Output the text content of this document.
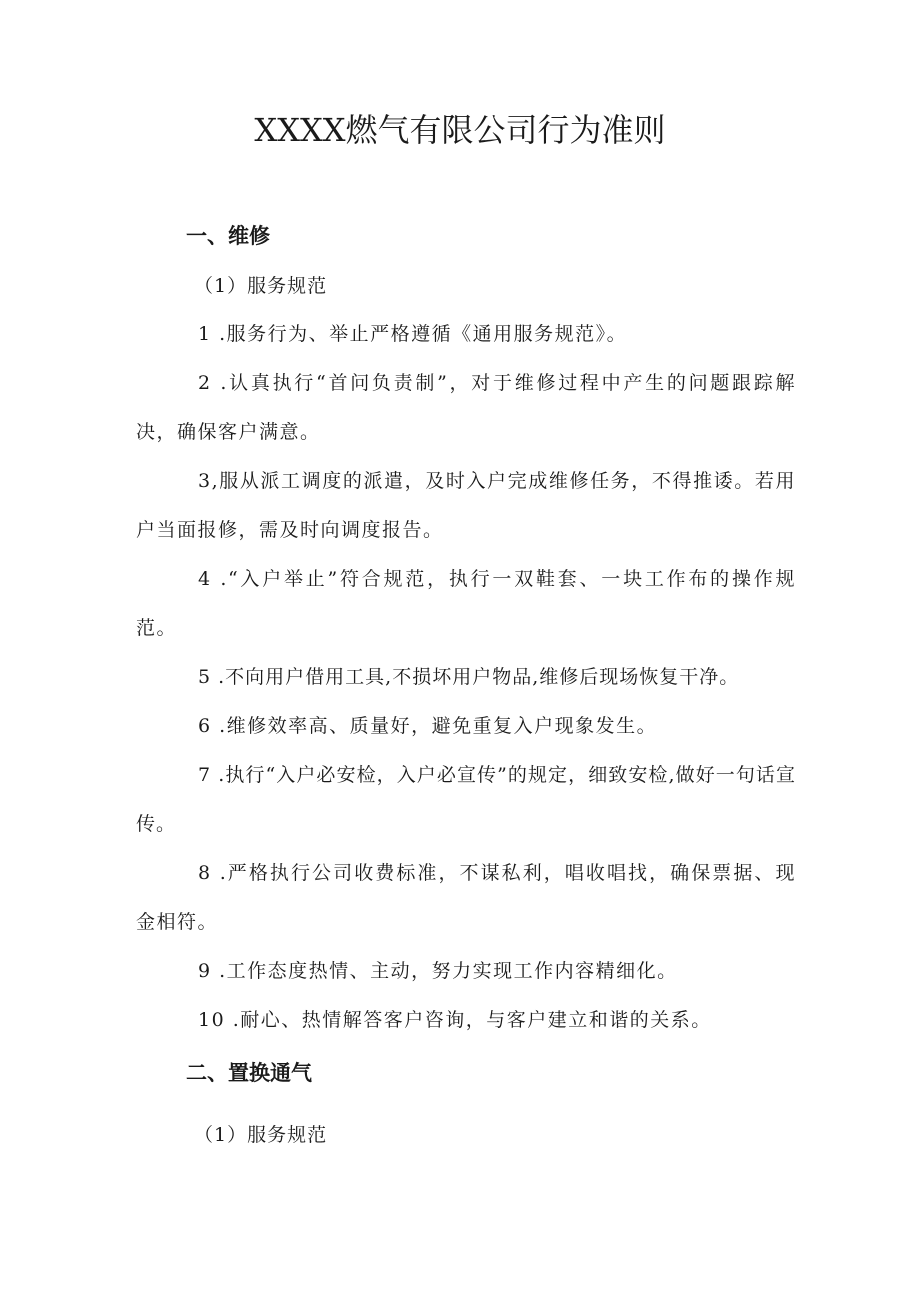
XXXX燃气有限公司行为准则
一、维修

（1）服务规范

1 .服务行为、举止严格遵循《通用服务规范》。

2 .认真执行“首问负责制”，对于维修过程中产生的问题跟踪解决，确保客户满意。

3,服从派工调度的派遣，及时入户完成维修任务，不得推诿。若用户当面报修，需及时向调度报告。

4 .“入户举止”符合规范，执行一双鞋套、一块工作布的操作规范。

5 .不向用户借用工具,不损坏用户物品,维修后现场恢复干净。

6 .维修效率高、质量好，避免重复入户现象发生。

7 .执行“入户必安检，入户必宣传”的规定，细致安检,做好一句话宣传。

8 .严格执行公司收费标准，不谋私利，唱收唱找，确保票据、现金相符。

9 .工作态度热情、主动，努力实现工作内容精细化。

10 .耐心、热情解答客户咨询，与客户建立和谐的关系。

二、置换通气

（1）服务规范
